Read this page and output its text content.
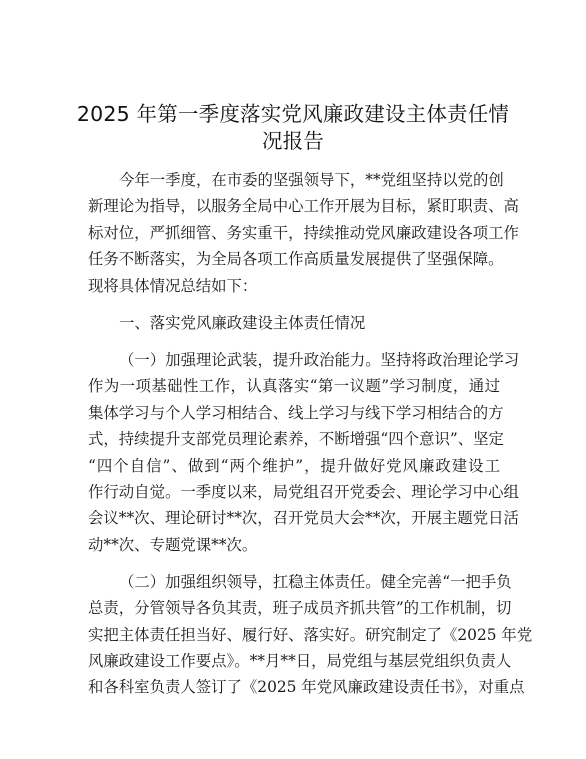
2025 年第一季度落实党风廉政建设主体责任情
况报告
今年一季度，在市委的坚强领导下，**党组坚持以党的创
新理论为指导，以服务全局中心工作开展为目标，紧盯职责、高
标对位，严抓细管、务实重干，持续推动党风廉政建设各项工作
任务不断落实，为全局各项工作高质量发展提供了坚强保障。
现将具体情况总结如下：
一、落实党风廉政建设主体责任情况
（一）加强理论武装，提升政治能力。坚持将政治理论学习
作为一项基础性工作，认真落实“第一议题”学习制度，通过
集体学习与个人学习相结合、线上学习与线下学习相结合的方
式，持续提升支部党员理论素养，不断增强“四个意识”、坚定
“四个自信”、做到“两个维护”，提升做好党风廉政建设工
作行动自觉。一季度以来，局党组召开党委会、理论学习中心组
会议**次、理论研讨**次，召开党员大会**次，开展主题党日活
动**次、专题党课**次。
（二）加强组织领导，扛稳主体责任。健全完善“一把手负
总责，分管领导各负其责，班子成员齐抓共管”的工作机制，切
实把主体责任担当好、履行好、落实好。研究制定了《2025 年党
风廉政建设工作要点》。**月**日，局党组与基层党组织负责人
和各科室负责人签订了《2025 年党风廉政建设责任书》，对重点
